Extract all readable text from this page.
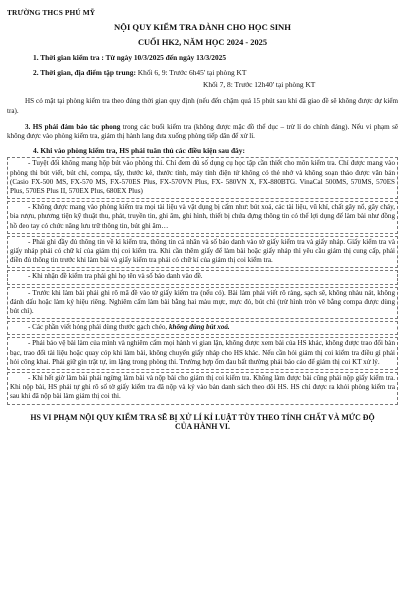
TRƯỜNG THCS PHÚ MỸ
NỘI QUY KIỂM TRA DÀNH CHO HỌC SINH
CUỐI HK2, NĂM HỌC 2024 - 2025
1. Thời gian kiểm tra : Từ ngày 10/3/2025 đến ngày 13/3/2025
2. Thời gian, địa điểm tập trung: Khối 6, 9: Trước 6h45' tại phòng KT
Khối 7, 8: Trước 12h40' tại phòng KT
HS có mặt tại phòng kiểm tra theo đúng thời gian quy định (nếu đến chậm quá 15 phút sau khi đã giao đề sẽ không được dự kiểm tra).
3. HS phải đảm bảo tác phong trong các buổi kiểm tra (không được mặc đồ thể dục – trừ lí do chính đáng). Nếu vi phạm sẽ không được vào phòng kiểm tra, giám thị hành lang đưa xuống phòng tiếp dân để xử lí.
4. Khi vào phòng kiểm tra, HS phải tuân thủ các điều kiện sau đây:
- Tuyệt đối không mang hộp bút vào phòng thi. Chỉ đem đủ số dụng cụ học tập cần thiết cho môn kiểm tra. Chỉ được mang vào phòng thi bút viết, bút chì, compa, tẩy, thước kẻ, thước tính, máy tính điện tử không có thẻ nhớ và không soạn thảo được văn bản (Casio FX-500 MS, FX-570 MS, FX-570ES Plus, FX-570VN Plus, FX- 580VN X, FX-880BTG. VinaCal 500MS, 570MS, 570ES Plus, 570ES Plus II, 570EX Plus, 680EX Plus)
- Không được mang vào phòng kiểm tra mọi tài liệu và vật dụng bị cấm như: bút xoá, các tài liệu, vũ khí, chất gây nổ, gây cháy, bia rượu, phương tiện kỹ thuật thu, phát, truyền tin, ghi âm, ghi hình, thiết bị chứa đựng thông tin có thể lợi dụng để làm bài như đồng hồ đeo tay có chức năng lưu trữ thông tin, bút ghi âm…
- Phải ghi đầy đủ thông tin về kì kiểm tra, thông tin cá nhân và số báo danh vào tờ giấy kiểm tra và giấy nháp. Giấy kiểm tra và giấy nháp phải có chữ kí của giám thị coi kiểm tra. Khi cần thêm giấy để làm bài hoặc giấy nháp thì yêu cầu giám thị cung cấp, phải điền đủ thông tin trước khi làm bài và giấy kiểm tra phải có chữ kí của giám thị coi kiểm tra.
- Khi nhận đề kiểm tra phải ghi họ tên và số báo danh vào đề.
- Trước khi làm bài phải ghi rõ mã đề vào tờ giấy kiểm tra (nếu có). Bài làm phải viết rõ ràng, sạch sẽ, không nhàu nát, không đánh dấu hoặc làm ký hiệu riêng. Nghiêm cấm làm bài bằng hai màu mực, mực đỏ, bút chì (trừ hình tròn vẽ bằng compa được dùng bút chì).
- Các phần viết hỏng phải dùng thước gạch chéo, không dùng bút xoá.
- Phải bảo vệ bài làm của mình và nghiêm cấm mọi hành vi gian lận, không được xem bài của HS khác, không được trao đổi bàn bạc, trao đổi tài liệu hoặc quay cóp khi làm bài, không chuyển giấy nháp cho HS khác. Nếu cần hỏi giám thị coi kiểm tra điều gì phải hỏi công khai. Phải giữ gìn trật tự, im lặng trong phòng thi. Trường hợp ốm đau bất thường phải báo cáo để giám thị coi KT xử lý.
- Khi hết giờ làm bài phải ngừng làm bài và nộp bài cho giám thị coi kiểm tra. Không làm được bài cũng phải nộp giấy kiểm tra. Khi nộp bài, HS phải tự ghi rõ số tờ giấy kiểm tra đã nộp và ký vào bản danh sách theo dõi HS. HS chỉ được ra khỏi phòng kiểm tra sau khi đã nộp bài làm giám thị coi thi.
HS VI PHẠM NỘI QUY KIỂM TRA SẼ BỊ XỬ LÍ KỈ LUẬT TÙY THEO TÍNH CHẤT VÀ MỨC ĐỘ CỦA HÀNH VI.
